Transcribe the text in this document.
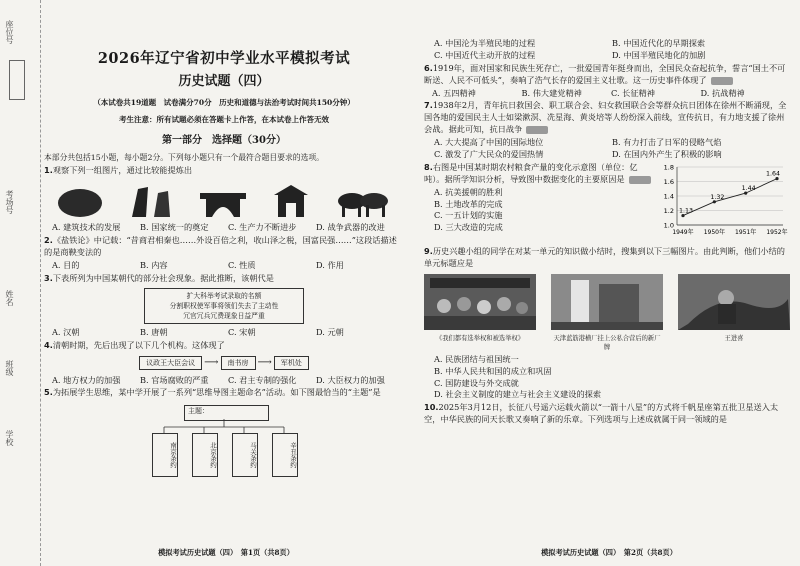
座位号
考场号
姓名
班级
学校
2026年辽宁省初中学业水平模拟考试
历史试题（四）
（本试卷共19道题　试卷满分70分　历史和道德与法治考试时间共150分钟）
考生注意：所有试题必须在答题卡上作答，在本试卷上作答无效
第一部分　选择题（30分）
本部分共包括15小题，每小题2分。下列每小题只有一个最符合题目要求的选项。
1.观察下列一组图片，通过比较能提炼出
A. 建筑技术的发展	B. 国家统一的奠定	C. 生产力不断进步	D. 战争武器的改进
2.《盐铁论》中记载：“昔商君相秦也……外设百倍之利，收山泽之税，国富民强……”这段话描述的是商鞅变法的
A. 目的	B. 内容	C. 性质	D. 作用
3.下表所列为中国某朝代的部分社会现象。据此推断，该朝代是
扩大科举考试录取的名额
分割职权使军事将领们失去了主动性
冗官冗兵冗费现象日益严重
A. 汉朝	B. 唐朝	C. 宋朝	D. 元朝
4.清朝时期，先后出现了以下几个机构。这体现了
议政王大臣会议 ⟶	南书房 ⟶	军机处
A. 地方权力的加强	B. 官场腐败的严重	C. 君主专制的强化	D. 大臣权力的加强
5.为拓展学生思维，某中学开展了一系列“思维导图主题命名”活动。如下图最恰当的“主题”是
主题：
南京条约	北京条约	马关条约	辛丑条约
模拟考试历史试题（四）　第1页（共8页）
A. 中国沦为半殖民地的过程	B. 中国近代化的早期探索
C. 中国近代主动开放的过程	D. 中国半殖民地化的加剧
6.1919年，面对国家和民族生死存亡，一批爱国青年挺身而出，全国民众奋起抗争，誓言“国土不可断送、人民不可低头”，奏响了浩气长存的爱国主义壮歌。这一历史事件体现了
A. 五四精神	B. 伟大建党精神	C. 长征精神	D. 抗战精神
7.1938年2月，青年抗日救国会、职工联合会、妇女救国联合会等群众抗日团体在徐州不断涌现，全国各地的爱国民主人士如梁漱溟、冼星海、黄炎培等人纷纷深入前线，宣传抗日，有力地支援了徐州会战。据此可知，抗日战争
A. 大大提高了中国的国际地位	B. 有力打击了日军的侵略气焰
C. 激发了广大民众的爱国热情	D. 在国内外产生了积极的影响
8.右图是中国某时期农村粮食产量的变化示意图（单位：亿吨）。据所学知识分析，导致图中数据变化的主要原因是
A. 抗美援朝的胜利
B. 土地改革的完成
C. 一五计划的实施
D. 三大改造的完成
1.8
1.6
1.4
1.2
1.0
1949年 1950年 1951年 1952年
1.13
1.32
1.44
1.64
9.历史兴趣小组的同学在对某一单元的知识做小结时，搜集到以下三幅图片。由此判断，他们小结的单元标题应是
《我们都有选举权和被选举权》	天津蓝筋港横厂挂上公私合营后的新厂牌
王进喜
A. 民族团结与祖国统一
B. 中华人民共和国的成立和巩固
C. 国防建设与外交成就
D. 社会主义制度的建立与社会主义建设的探索
10.2025年3月12日，长征八号遥六运载火箭以“一箭十八星”的方式将千帆星座第五批卫星送入太空，中华民族的同天长歌又奏响了新的乐章。下列选项与上述成就属于同一领域的是
模拟考试历史试题（四）　第2页（共8页）
